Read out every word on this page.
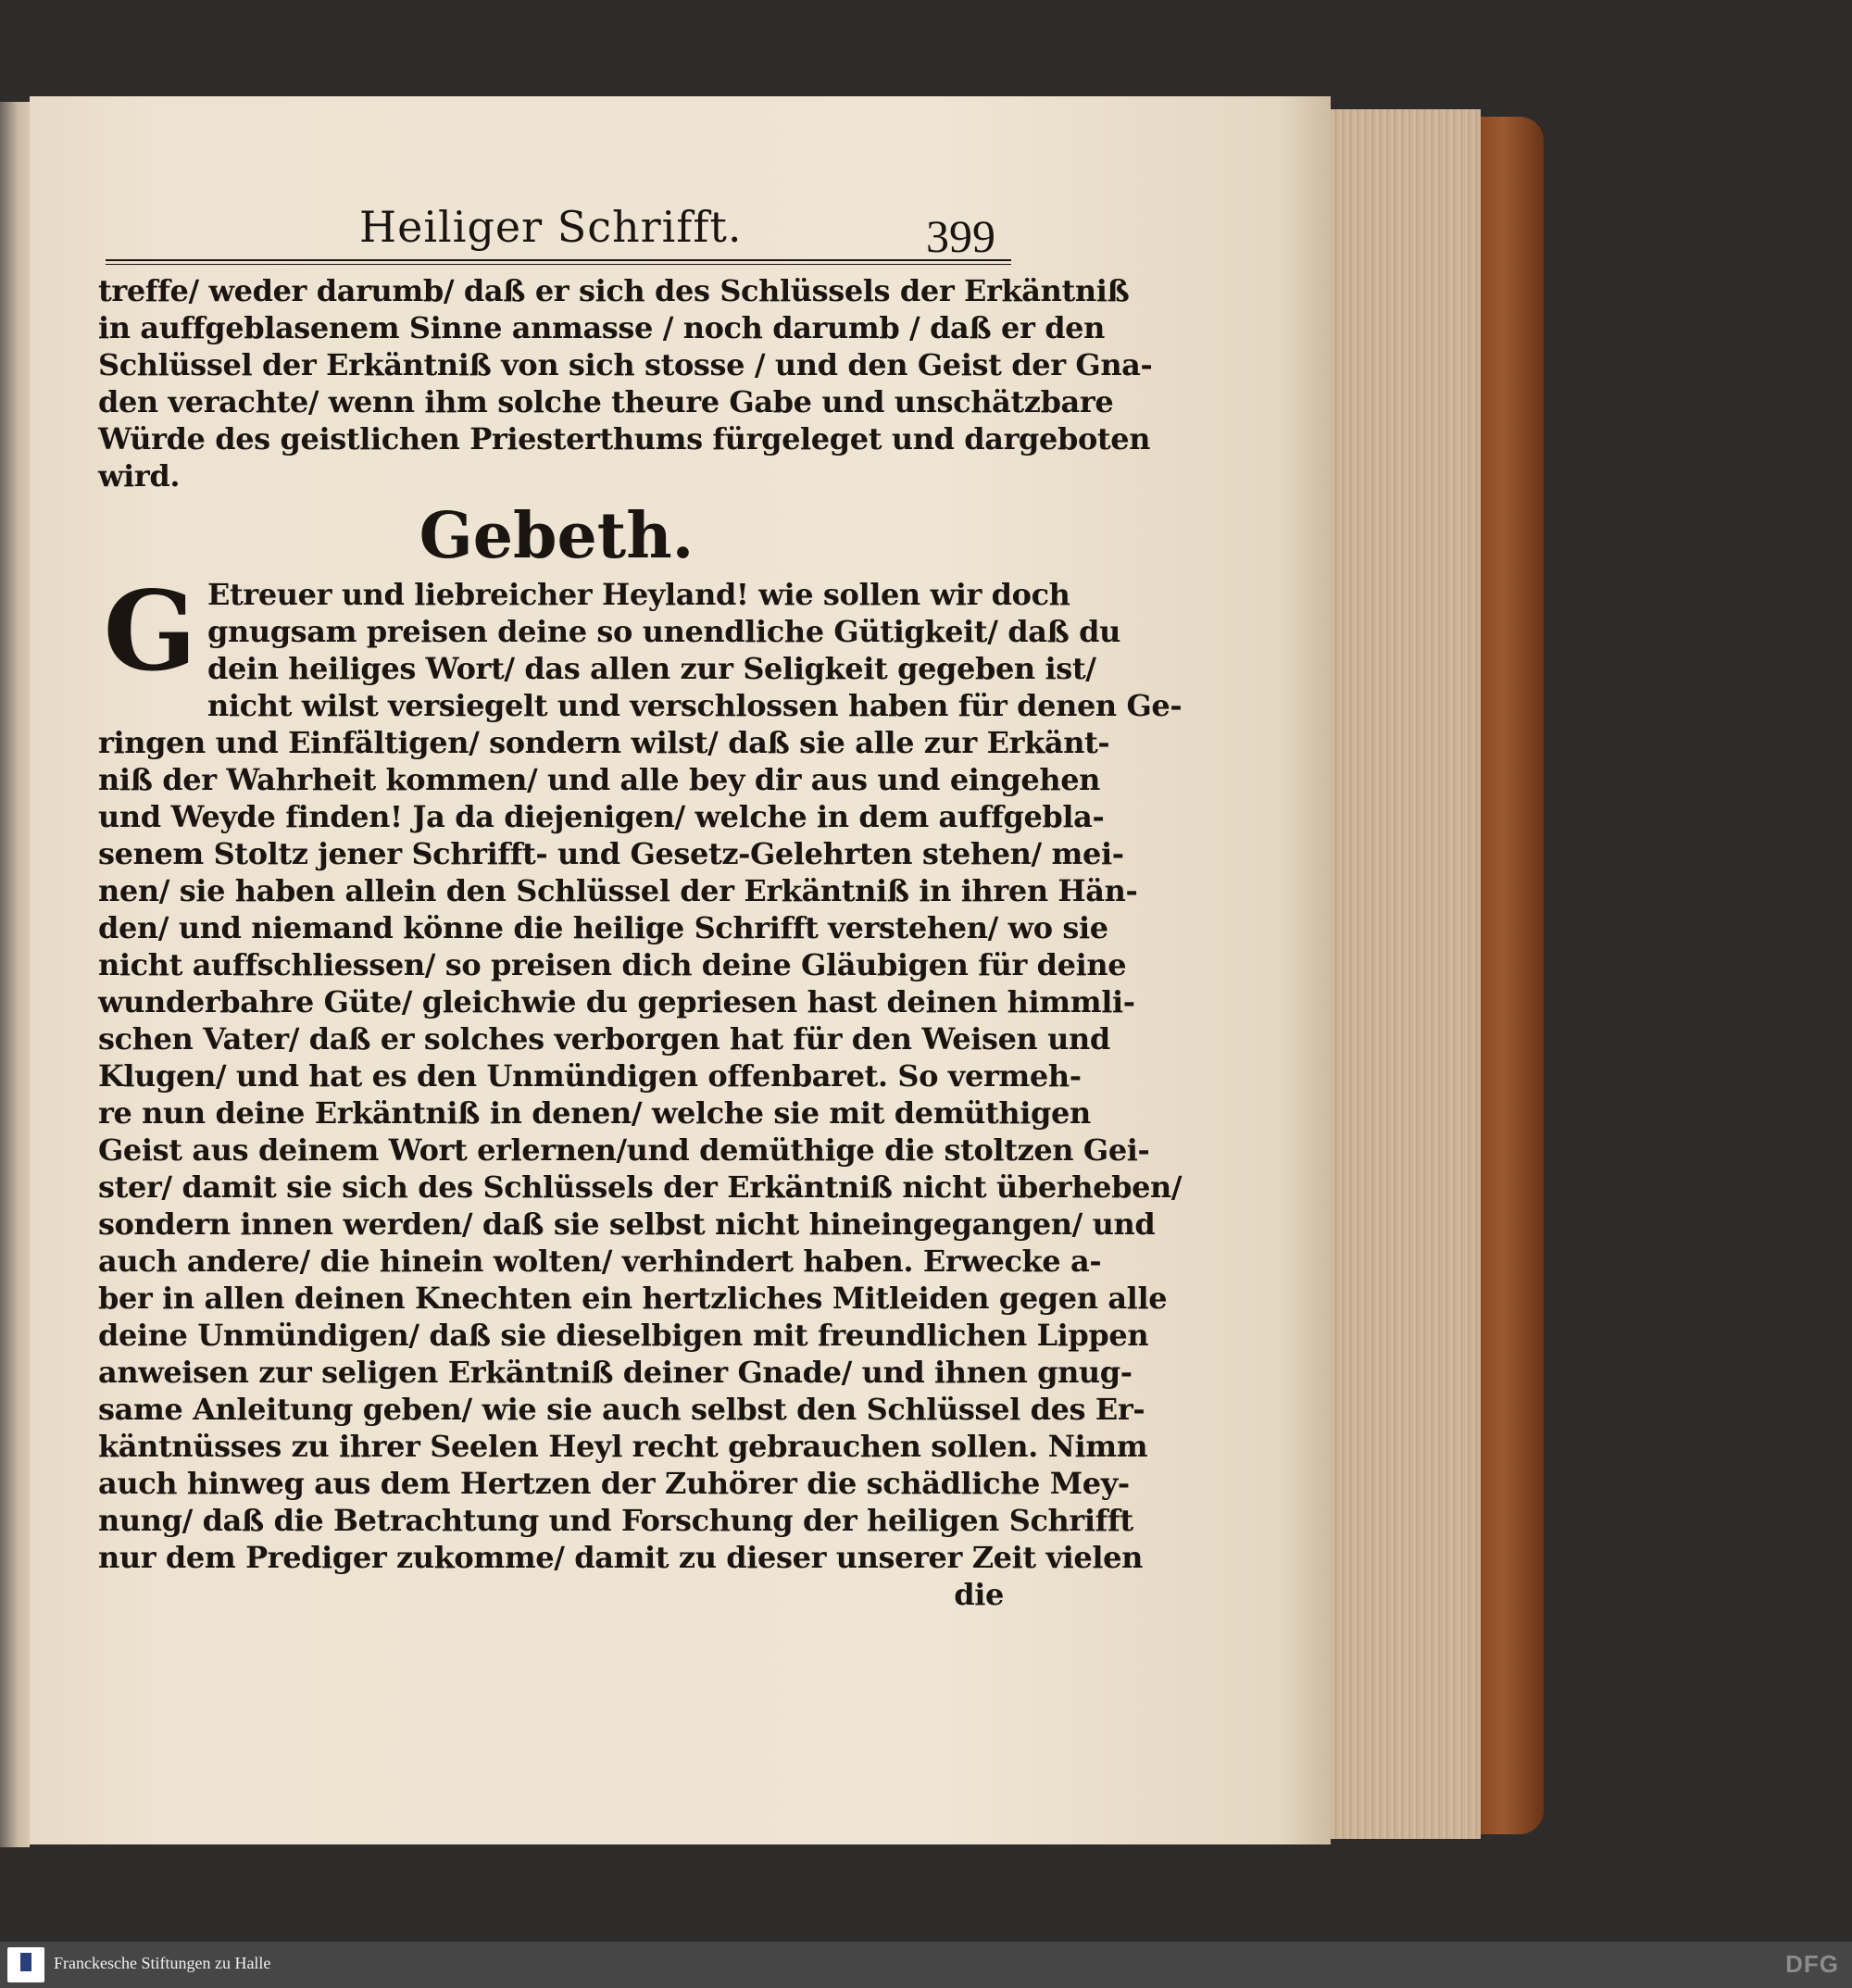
Heiliger Schrifft.	399
treffe/ weder darumb/ daß er sich des Schlüssels der Erkäntniß
in auffgeblasenem Sinne anmasse / noch darumb / daß er den
Schlüssel der Erkäntniß von sich stosse / und den Geist der Gna-
den verachte/ wenn ihm solche theure Gabe und unschätzbare
Würde des geistlichen Priesterthums fürgeleget und dargeboten
wird.
Gebeth.
G Etreuer und liebreicher Heyland! wie sollen wir doch
gnugsam preisen deine so unendliche Gütigkeit/ daß du
dein heiliges Wort/ das allen zur Seligkeit gegeben ist/
nicht wilst versiegelt und verschlossen haben für denen Ge-
ringen und Einfältigen/ sondern wilst/ daß sie alle zur Erkänt-
niß der Wahrheit kommen/ und alle bey dir aus und eingehen
und Weyde finden! Ja da diejenigen/ welche in dem auffgebla-
senem Stoltz jener Schrifft- und Gesetz-Gelehrten stehen/ mei-
nen/ sie haben allein den Schlüssel der Erkäntniß in ihren Hän-
den/ und niemand könne die heilige Schrifft verstehen/ wo sie
nicht auffschliessen/ so preisen dich deine Gläubigen für deine
wunderbahre Güte/ gleichwie du gepriesen hast deinen himmli-
schen Vater/ daß er solches verborgen hat für den Weisen und
Klugen/ und hat es den Unmündigen offenbaret. So vermeh-
re nun deine Erkäntniß in denen/ welche sie mit demüthigen
Geist aus deinem Wort erlernen/und demüthige die stoltzen Gei-
ster/ damit sie sich des Schlüssels der Erkäntniß nicht überheben/
sondern innen werden/ daß sie selbst nicht hineingegangen/ und
auch andere/ die hinein wolten/ verhindert haben. Erwecke a-
ber in allen deinen Knechten ein hertzliches Mitleiden gegen alle
deine Unmündigen/ daß sie dieselbigen mit freundlichen Lippen
anweisen zur seligen Erkäntniß deiner Gnade/ und ihnen gnug-
same Anleitung geben/ wie sie auch selbst den Schlüssel des Er-
käntnüsses zu ihrer Seelen Heyl recht gebrauchen sollen. Nimm
auch hinweg aus dem Hertzen der Zuhörer die schädliche Mey-
nung/ daß die Betrachtung und Forschung der heiligen Schrifft
nur dem Prediger zukomme/ damit zu dieser unserer Zeit vielen
die
Franckesche Stiftungen zu Halle	DFG
